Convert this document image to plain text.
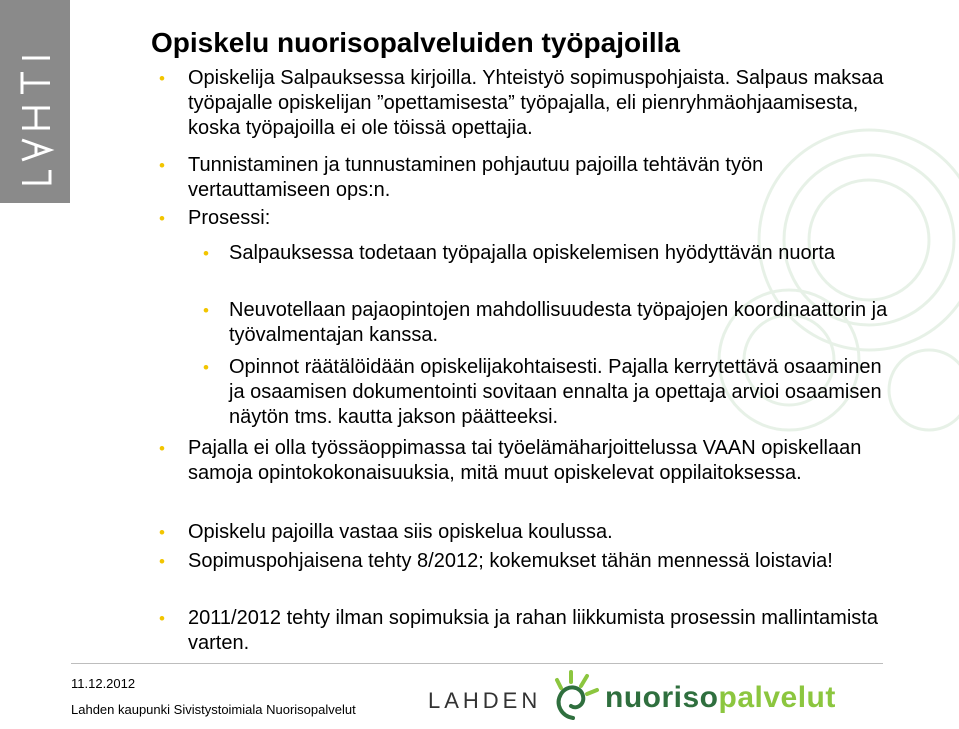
Opiskelu nuorisopalveluiden työpajoilla
•	Opiskelija Salpauksessa kirjoilla. Yhteistyö sopimuspohjaista. Salpaus maksaa työpajalle opiskelijan ”opettamisesta” työpajalla, eli pienryhmäohjaamisesta, koska työpajoilla ei ole töissä opettajia.
•	Tunnistaminen ja tunnustaminen pohjautuu pajoilla tehtävän työn vertauttamiseen ops:n.
•	Prosessi:
•	Salpauksessa todetaan työpajalla opiskelemisen hyödyttävän nuorta
•	Neuvotellaan pajaopintojen mahdollisuudesta työpajojen koordinaattorin ja työvalmentajan kanssa.
•	Opinnot räätälöidään opiskelijakohtaisesti. Pajalla kerrytettävä osaaminen ja osaamisen dokumentointi sovitaan ennalta ja opettaja arvioi osaamisen näytön tms. kautta jakson päätteeksi.
•	Pajalla ei olla työssäoppimassa tai työelämäharjoittelussa VAAN opiskellaan samoja opintokokonaisuuksia, mitä muut opiskelevat oppilaitoksessa.
•	Opiskelu pajoilla vastaa siis opiskelua koulussa.
•	Sopimuspohjaisena tehty 8/2012; kokemukset tähän mennessä loistavia!
•	2011/2012 tehty ilman sopimuksia ja rahan liikkumista prosessin mallintamista varten.
11.12.2012
Lahden kaupunki Sivistystoimiala Nuorisopalvelut	LAHDEN nuorisopalvelut
